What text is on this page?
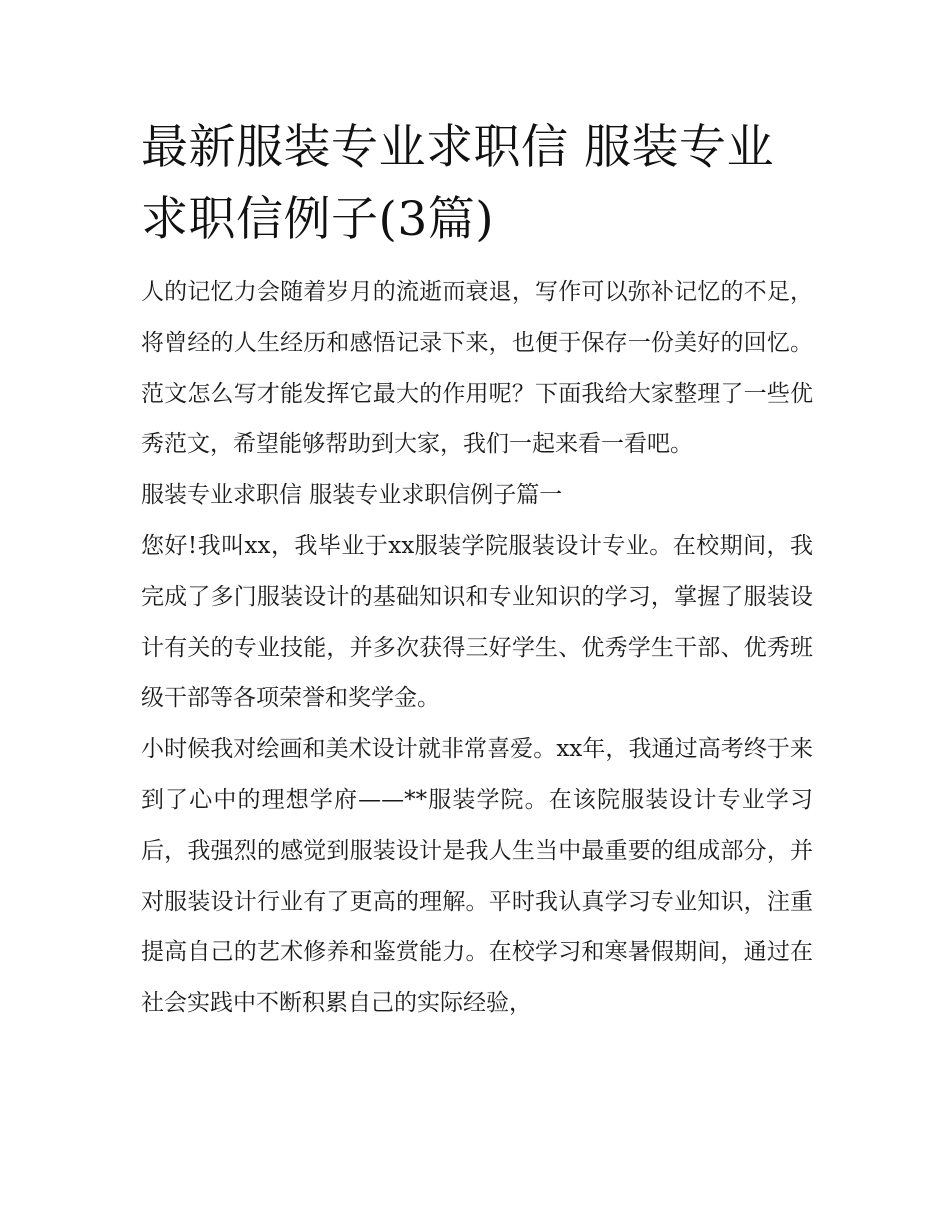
最新服装专业求职信 服装专业求职信例子(3篇)

人的记忆力会随着岁月的流逝而衰退，写作可以弥补记忆的不足，将曾经的人生经历和感悟记录下来，也便于保存一份美好的回忆。范文怎么写才能发挥它最大的作用呢？下面我给大家整理了一些优秀范文，希望能够帮助到大家，我们一起来看一看吧。

服装专业求职信 服装专业求职信例子篇一

您好!我叫xx，我毕业于xx服装学院服装设计专业。在校期间，我完成了多门服装设计的基础知识和专业知识的学习，掌握了服装设计有关的专业技能，并多次获得三好学生、优秀学生干部、优秀班级干部等各项荣誉和奖学金。

小时候我对绘画和美术设计就非常喜爱。xx年，我通过高考终于来到了心中的理想学府——**服装学院。在该院服装设计专业学习后，我强烈的感觉到服装设计是我人生当中最重要的组成部分，并对服装设计行业有了更高的理解。平时我认真学习专业知识，注重提高自己的艺术修养和鉴赏能力。在校学习和寒暑假期间，通过在社会实践中不断积累自己的实际经验，
